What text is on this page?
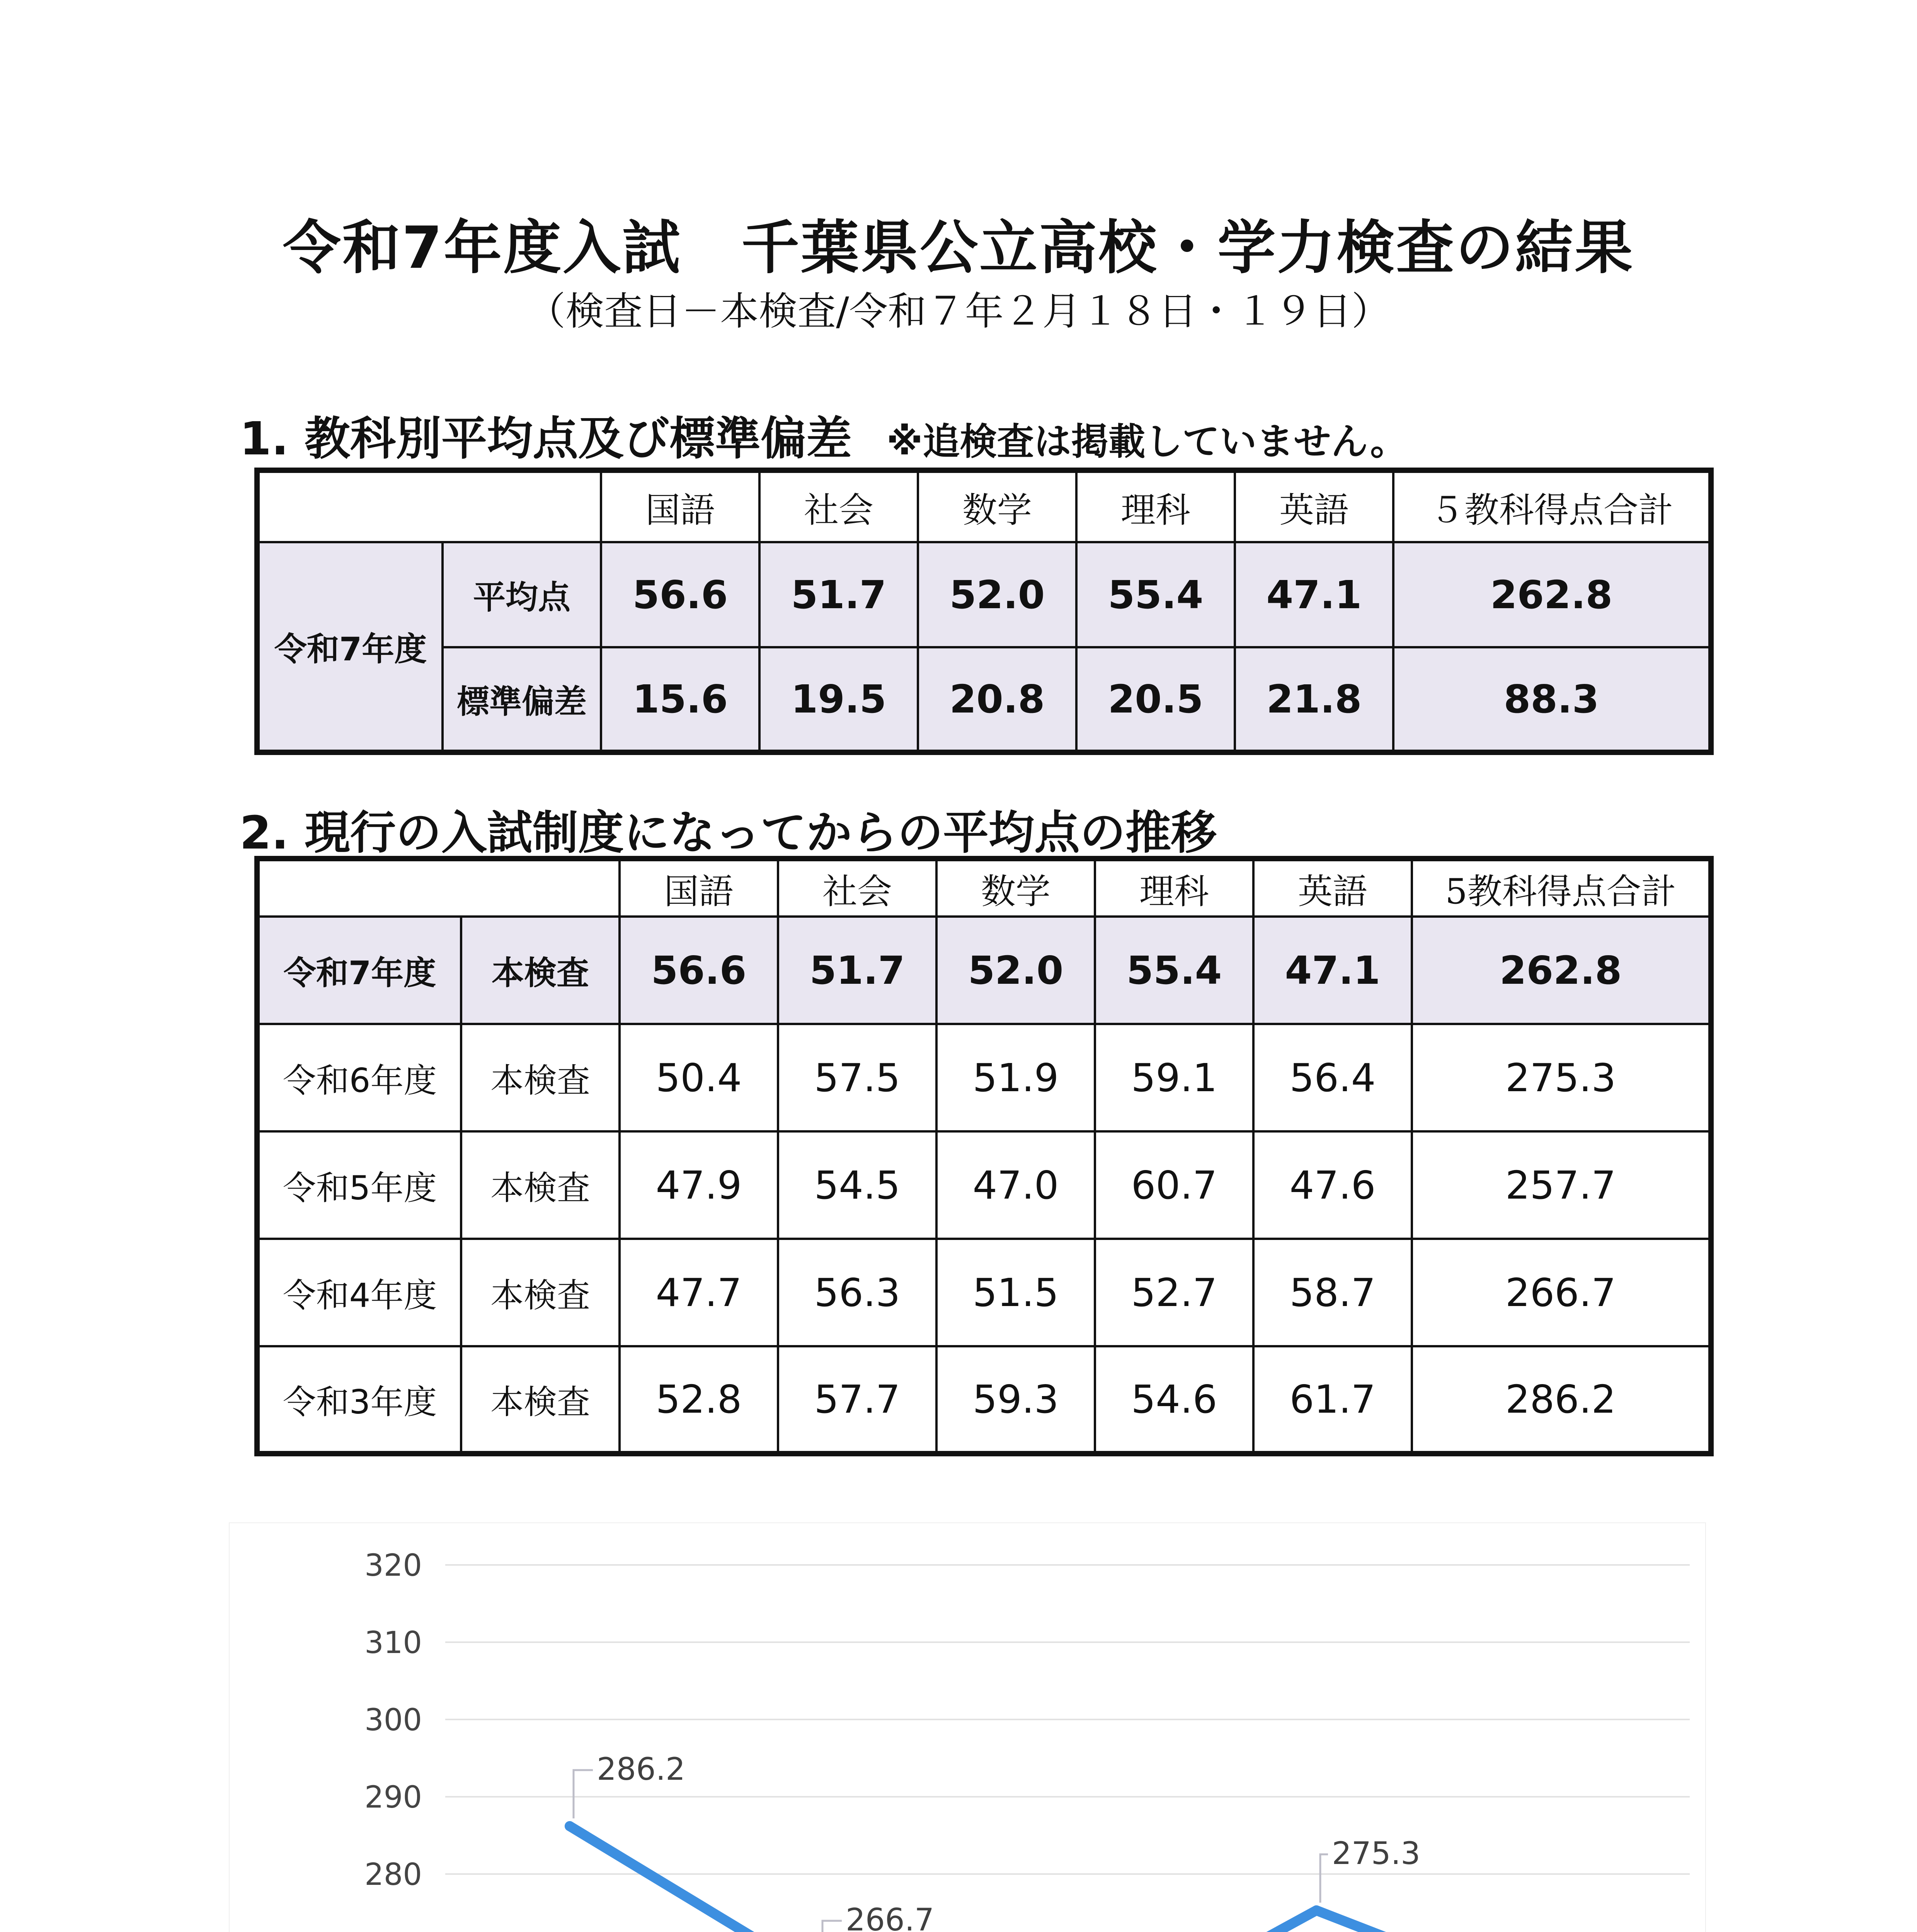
令和7年度入試　千葉県公立高校・学力検査の結果
（検査日－本検査/令和７年２月１８日・１９日）
1. 教科別平均点及び標準偏差 ※追検査は掲載していません。
		国語	社会	数学	理科	英語	５教科得点合計
令和7年度	平均点	56.6	51.7	52.0	55.4	47.1	262.8
	標準偏差	15.6	19.5	20.8	20.5	21.8	88.3
2. 現行の入試制度になってからの平均点の推移
		国語	社会	数学	理科	英語	5教科得点合計
令和7年度	本検査	56.6	51.7	52.0	55.4	47.1	262.8
令和6年度	本検査	50.4	57.5	51.9	59.1	56.4	275.3
令和5年度	本検査	47.9	54.5	47.0	60.7	47.6	257.7
令和4年度	本検査	47.7	56.3	51.5	52.7	58.7	266.7
令和3年度	本検査	52.8	57.7	59.3	54.6	61.7	286.2
280
290
300
310
320
286.2
266.7
275.3
